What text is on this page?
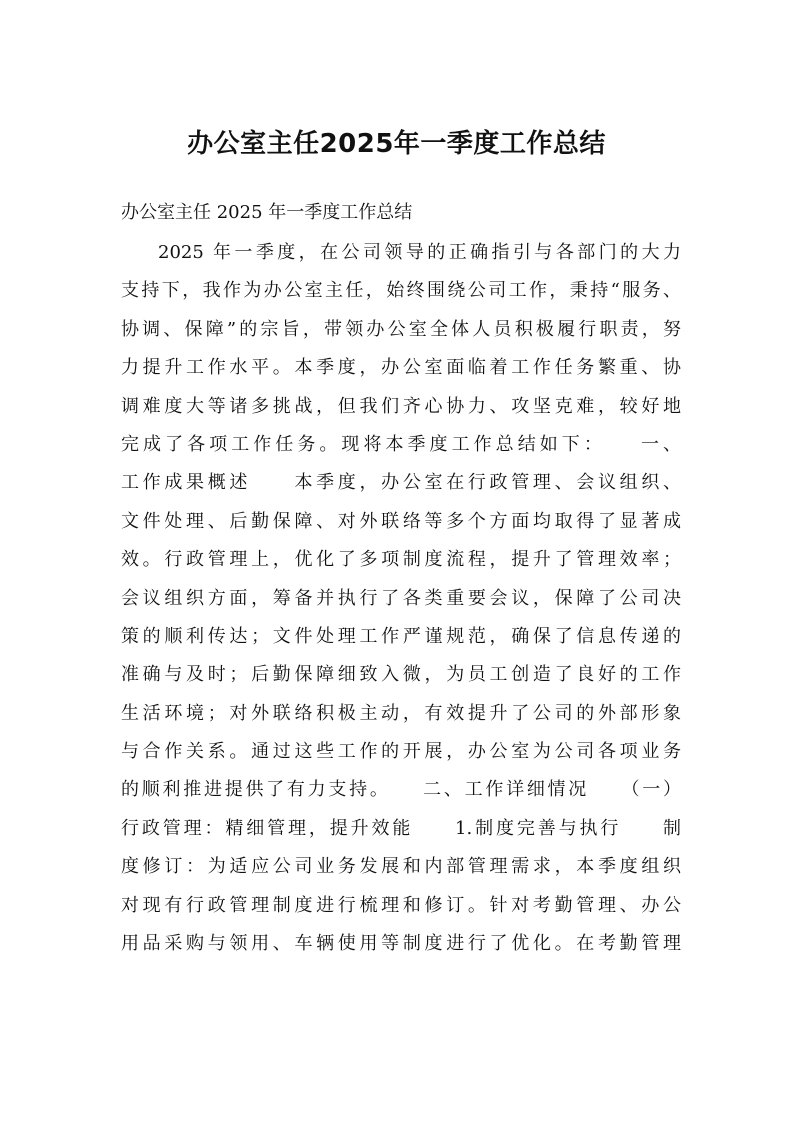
办公室主任2025年一季度工作总结

办公室主任 2025 年一季度工作总结

2025 年一季度，在公司领导的正确指引与各部门的大力
支持下，我作为办公室主任，始终围绕公司工作，秉持“服务、
协调、保障”的宗旨，带领办公室全体人员积极履行职责，努
力提升工作水平。本季度，办公室面临着工作任务繁重、协
调难度大等诸多挑战，但我们齐心协力、攻坚克难，较好地
完成了各项工作任务。现将本季度工作总结如下：　　一、
工作成果概述　　本季度，办公室在行政管理、会议组织、
文件处理、后勤保障、对外联络等多个方面均取得了显著成
效。行政管理上，优化了多项制度流程，提升了管理效率；
会议组织方面，筹备并执行了各类重要会议，保障了公司决
策的顺利传达；文件处理工作严谨规范，确保了信息传递的
准确与及时；后勤保障细致入微，为员工创造了良好的工作
生活环境；对外联络积极主动，有效提升了公司的外部形象
与合作关系。通过这些工作的开展，办公室为公司各项业务
的顺利推进提供了有力支持。　　二、工作详细情况　　（一）
行政管理：精细管理，提升效能　　1.制度完善与执行　　制
度修订：为适应公司业务发展和内部管理需求，本季度组织
对现有行政管理制度进行梳理和修订。针对考勤管理、办公
用品采购与领用、车辆使用等制度进行了优化。在考勤管理
